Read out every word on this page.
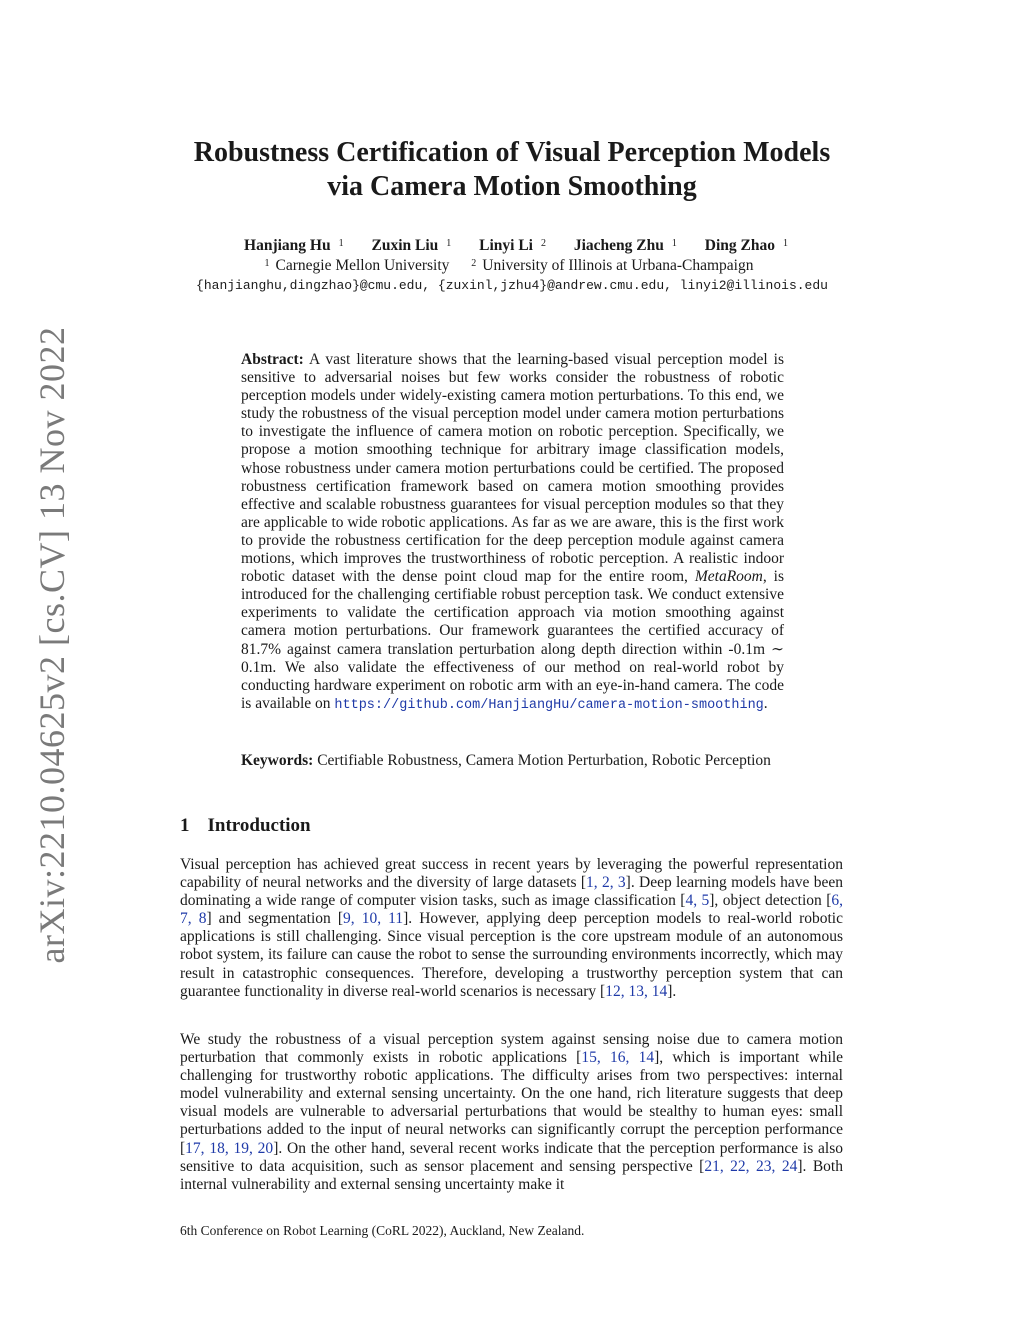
arXiv:2210.04625v2 [cs.CV] 13 Nov 2022
Robustness Certification of Visual Perception Models
via Camera Motion Smoothing
Hanjiang Hu $^1$ Zuxin Liu $^1$ Linyi Li $^2$ Jiacheng Zhu $^1$ Ding Zhao $^1$
$^1$ Carnegie Mellon University $^2$ University of Illinois at Urbana-Champaign
{hanjianghu,dingzhao}@cmu.edu, {zuxinl,jzhu4}@andrew.cmu.edu, linyi2@illinois.edu
Abstract: A vast literature shows that the learning-based visual perception model is sensitive to adversarial noises but few works consider the robustness of robotic perception models under widely-existing camera motion perturbations. To this end, we study the robustness of the visual perception model under camera motion perturbations to investigate the influence of camera motion on robotic perception. Specifically, we propose a motion smoothing technique for arbitrary image classification models, whose robustness under camera motion perturbations could be certified. The proposed robustness certification framework based on camera motion smoothing provides effective and scalable robustness guarantees for visual perception modules so that they are applicable to wide robotic applications. As far as we are aware, this is the first work to provide the robustness certification for the deep perception module against camera motions, which improves the trustworthiness of robotic perception. A realistic indoor robotic dataset with the dense point cloud map for the entire room, MetaRoom, is introduced for the challenging certifiable robust perception task. We conduct extensive experiments to validate the certification approach via motion smoothing against camera motion perturbations. Our framework guarantees the certified accuracy of 81.7% against camera translation perturbation along depth direction within -0.1m ∼ 0.1m. We also validate the effectiveness of our method on real-world robot by conducting hardware experiment on robotic arm with an eye-in-hand camera. The code is available on https://github.com/HanjiangHu/camera-motion-smoothing.
Keywords: Certifiable Robustness, Camera Motion Perturbation, Robotic Perception
1 Introduction
Visual perception has achieved great success in recent years by leveraging the powerful representation capability of neural networks and the diversity of large datasets [1, 2, 3]. Deep learning models have been dominating a wide range of computer vision tasks, such as image classification [4, 5], object detection [6, 7, 8] and segmentation [9, 10, 11]. However, applying deep perception models to real-world robotic applications is still challenging. Since visual perception is the core upstream module of an autonomous robot system, its failure can cause the robot to sense the surrounding environments incorrectly, which may result in catastrophic consequences. Therefore, developing a trustworthy perception system that can guarantee functionality in diverse real-world scenarios is necessary [12, 13, 14].
We study the robustness of a visual perception system against sensing noise due to camera motion perturbation that commonly exists in robotic applications [15, 16, 14], which is important while challenging for trustworthy robotic applications. The difficulty arises from two perspectives: internal model vulnerability and external sensing uncertainty. On the one hand, rich literature suggests that deep visual models are vulnerable to adversarial perturbations that would be stealthy to human eyes: small perturbations added to the input of neural networks can significantly corrupt the perception performance [17, 18, 19, 20]. On the other hand, several recent works indicate that the perception performance is also sensitive to data acquisition, such as sensor placement and sensing perspective [21, 22, 23, 24]. Both internal vulnerability and external sensing uncertainty make it
6th Conference on Robot Learning (CoRL 2022), Auckland, New Zealand.
